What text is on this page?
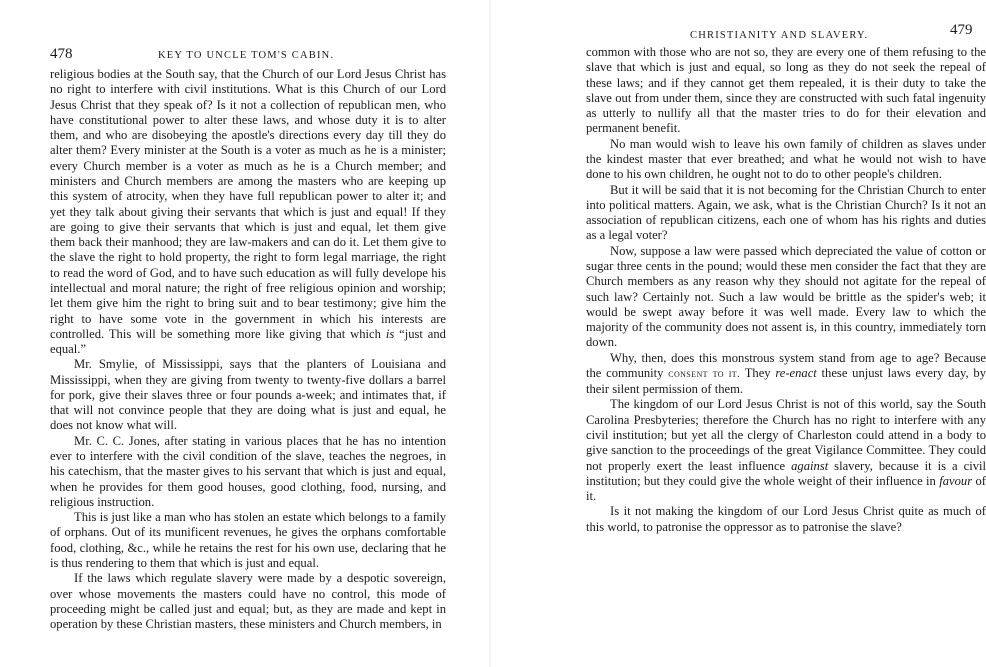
478	KEY TO UNCLE TOM'S CABIN.

religious bodies at the South say, that the Church of our Lord Jesus Christ has no right to interfere with civil institutions. What is this Church of our Lord Jesus Christ that they speak of? Is it not a collection of republican men, who have constitutional power to alter these laws, and whose duty it is to alter them, and who are disobeying the apostle's directions every day till they do alter them? Every minister at the South is a voter as much as he is a minister; every Church member is a voter as much as he is a Church member; and ministers and Church members are among the masters who are keeping up this system of atrocity, when they have full republican power to alter it; and yet they talk about giving their servants that which is just and equal! If they are going to give their servants that which is just and equal, let them give them back their manhood; they are law-makers and can do it. Let them give to the slave the right to hold property, the right to form legal marriage, the right to read the word of God, and to have such education as will fully develope his intellectual and moral nature; the right of free religious opinion and worship; let them give him the right to bring suit and to bear testimony; give him the right to have some vote in the government in which his interests are controlled. This will be something more like giving that which is “just and equal.”

Mr. Smylie, of Mississippi, says that the planters of Louisiana and Mississippi, when they are giving from twenty to twenty-five dollars a barrel for pork, give their slaves three or four pounds a-week; and intimates that, if that will not convince people that they are doing what is just and equal, he does not know what will.

Mr. C. C. Jones, after stating in various places that he has no intention ever to interfere with the civil condition of the slave, teaches the negroes, in his catechism, that the master gives to his servant that which is just and equal, when he provides for them good houses, good clothing, food, nursing, and religious instruction.

This is just like a man who has stolen an estate which belongs to a family of orphans. Out of its munificent revenues, he gives the orphans comfortable food, clothing, &c., while he retains the rest for his own use, declaring that he is thus rendering to them that which is just and equal.

If the laws which regulate slavery were made by a despotic sovereign, over whose movements the masters could have no control, this mode of proceeding might be called just and equal; but, as they are made and kept in operation by these Christian masters, these ministers and Church members, in

CHRISTIANITY AND SLAVERY.	479

common with those who are not so, they are every one of them refusing to the slave that which is just and equal, so long as they do not seek the repeal of these laws; and if they cannot get them repealed, it is their duty to take the slave out from under them, since they are constructed with such fatal ingenuity as utterly to nullify all that the master tries to do for their elevation and permanent benefit.

No man would wish to leave his own family of children as slaves under the kindest master that ever breathed; and what he would not wish to have done to his own children, he ought not to do to other people's children.

But it will be said that it is not becoming for the Christian Church to enter into political matters. Again, we ask, what is the Christian Church? Is it not an association of republican citizens, each one of whom has his rights and duties as a legal voter?

Now, suppose a law were passed which depreciated the value of cotton or sugar three cents in the pound; would these men consider the fact that they are Church members as any reason why they should not agitate for the repeal of such law? Certainly not. Such a law would be brittle as the spider's web; it would be swept away before it was well made. Every law to which the majority of the community does not assent is, in this country, immediately torn down.

Why, then, does this monstrous system stand from age to age? Because the community consent to it. They re-enact these unjust laws every day, by their silent permission of them.

The kingdom of our Lord Jesus Christ is not of this world, say the South Carolina Presbyteries; therefore the Church has no right to interfere with any civil institution; but yet all the clergy of Charleston could attend in a body to give sanction to the proceedings of the great Vigilance Committee. They could not properly exert the least influence against slavery, because it is a civil institution; but they could give the whole weight of their influence in favour of it.

Is it not making the kingdom of our Lord Jesus Christ quite as much of this world, to patronise the oppressor as to patronise the slave?
